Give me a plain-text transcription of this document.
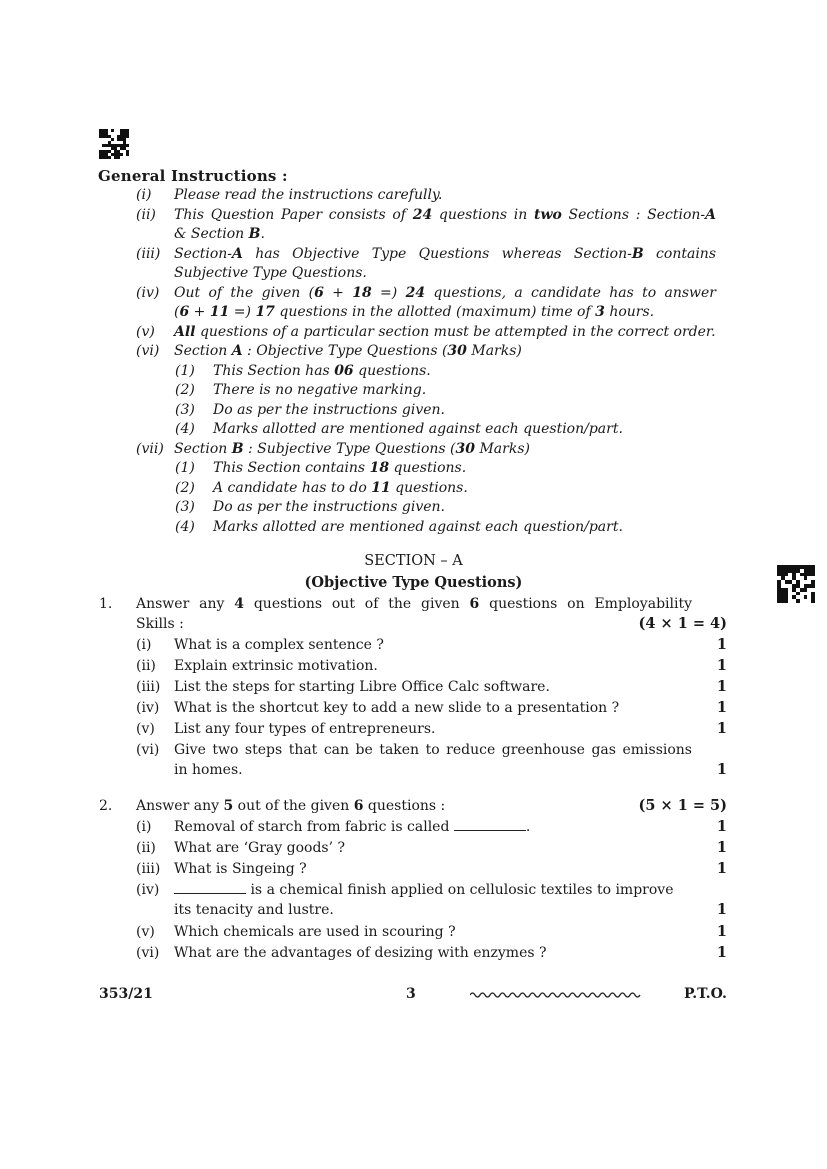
General Instructions :
(i) Please read the instructions carefully.
(ii) This Question Paper consists of 24 questions in two Sections : Section-A
& Section B.
(iii) Section-A has Objective Type Questions whereas Section-B contains
Subjective Type Questions.
(iv) Out of the given (6 + 18 =) 24 questions, a candidate has to answer
(6 + 11 =) 17 questions in the allotted (maximum) time of 3 hours.
(v) All questions of a particular section must be attempted in the correct order.
(vi) Section A : Objective Type Questions (30 Marks)
(1) This Section has 06 questions.
(2) There is no negative marking.
(3) Do as per the instructions given.
(4) Marks allotted are mentioned against each question/part.
(vii) Section B : Subjective Type Questions (30 Marks)
(1) This Section contains 18 questions.
(2) A candidate has to do 11 questions.
(3) Do as per the instructions given.
(4) Marks allotted are mentioned against each question/part.
SECTION – A
(Objective Type Questions)
1. Answer any 4 questions out of the given 6 questions on Employability
Skills :	(4 × 1 = 4)
(i) What is a complex sentence ?	1
(ii) Explain extrinsic motivation.	1
(iii) List the steps for starting Libre Office Calc software.	1
(iv) What is the shortcut key to add a new slide to a presentation ?	1
(v) List any four types of entrepreneurs.	1
(vi) Give two steps that can be taken to reduce greenhouse gas emissions
in homes.	1
2. Answer any 5 out of the given 6 questions :	(5 × 1 = 5)
(i) Removal of starch from fabric is called	.	1
(ii) What are ‘Gray goods’ ?	1
(iii) What is Singeing ?	1
(iv)	is a chemical finish applied on cellulosic textiles to improve
its tenacity and lustre.	1
(v) Which chemicals are used in scouring ?	1
(vi) What are the advantages of desizing with enzymes ?	1
353/21	3	P.T.O.
